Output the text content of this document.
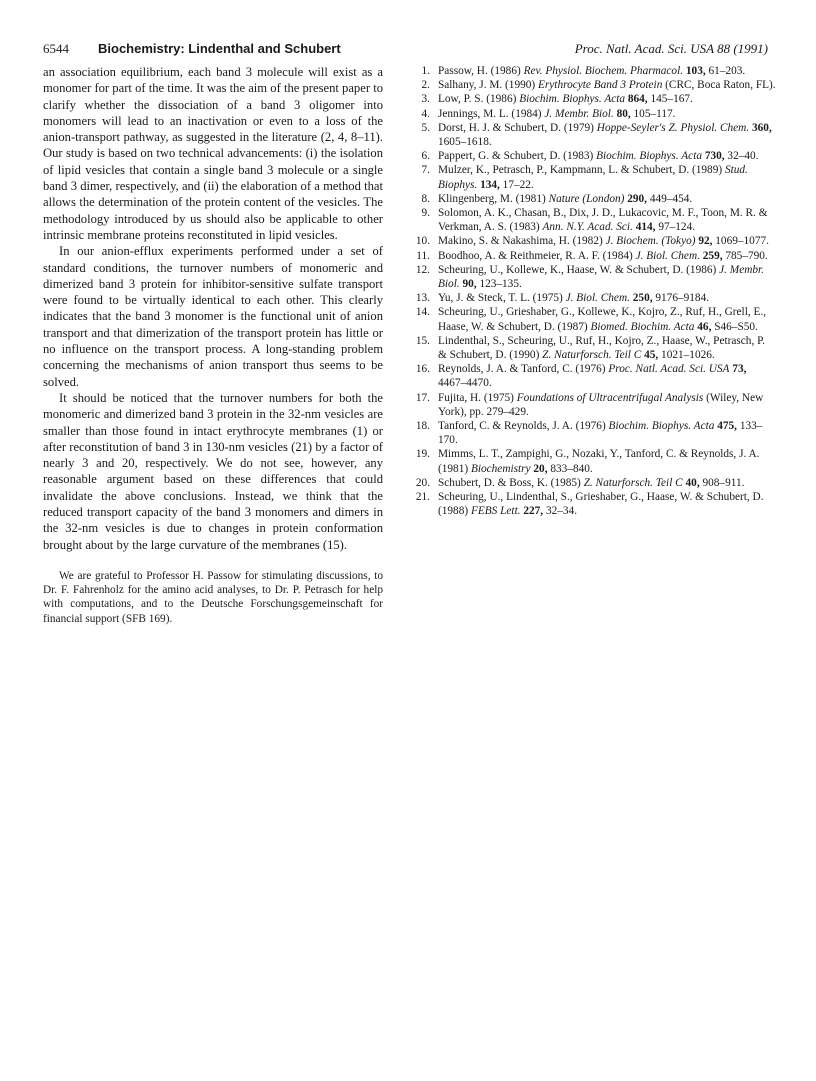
6544 Biochemistry: Lindenthal and Schubert	Proc. Natl. Acad. Sci. USA 88 (1991)

an association equilibrium, each band 3 molecule will exist as a monomer for part of the time. It was the aim of the present paper to clarify whether the dissociation of a band 3 oligomer into monomers will lead to an inactivation or even to a loss of the anion-transport pathway, as suggested in the literature (2, 4, 8–11). Our study is based on two technical advancements: (i) the isolation of lipid vesicles that contain a single band 3 molecule or a single band 3 dimer, respectively, and (ii) the elaboration of a method that allows the determination of the protein content of the vesicles. The methodology introduced by us should also be applicable to other intrinsic membrane proteins reconstituted in lipid vesicles.

In our anion-efflux experiments performed under a set of standard conditions, the turnover numbers of monomeric and dimerized band 3 protein for inhibitor-sensitive sulfate transport were found to be virtually identical to each other. This clearly indicates that the band 3 monomer is the functional unit of anion transport and that dimerization of the transport protein has little or no influence on the transport process. A long-standing problem concerning the mechanisms of anion transport thus seems to be solved.

It should be noticed that the turnover numbers for both the monomeric and dimerized band 3 protein in the 32-nm vesicles are smaller than those found in intact erythrocyte membranes (1) or after reconstitution of band 3 in 130-nm vesicles (21) by a factor of nearly 3 and 20, respectively. We do not see, however, any reasonable argument based on these differences that could invalidate the above conclusions. Instead, we think that the reduced transport capacity of the band 3 monomers and dimers in the 32-nm vesicles is due to changes in protein conformation brought about by the large curvature of the membranes (15).

We are grateful to Professor H. Passow for stimulating discussions, to Dr. F. Fahrenholz for the amino acid analyses, to Dr. P. Petrasch for help with computations, and to the Deutsche Forschungsgemeinschaft for financial support (SFB 169).

1. Passow, H. (1986) Rev. Physiol. Biochem. Pharmacol. 103, 61–203.
2. Salhany, J. M. (1990) Erythrocyte Band 3 Protein (CRC, Boca Raton, FL).
3. Low, P. S. (1986) Biochim. Biophys. Acta 864, 145–167.
4. Jennings, M. L. (1984) J. Membr. Biol. 80, 105–117.
5. Dorst, H. J. & Schubert, D. (1979) Hoppe-Seyler's Z. Physiol. Chem. 360, 1605–1618.
6. Pappert, G. & Schubert, D. (1983) Biochim. Biophys. Acta 730, 32–40.
7. Mulzer, K., Petrasch, P., Kampmann, L. & Schubert, D. (1989) Stud. Biophys. 134, 17–22.
8. Klingenberg, M. (1981) Nature (London) 290, 449–454.
9. Solomon, A. K., Chasan, B., Dix, J. D., Lukacovic, M. F., Toon, M. R. & Verkman, A. S. (1983) Ann. N.Y. Acad. Sci. 414, 97–124.
10. Makino, S. & Nakashima, H. (1982) J. Biochem. (Tokyo) 92, 1069–1077.
11. Boodhoo, A. & Reithmeier, R. A. F. (1984) J. Biol. Chem. 259, 785–790.
12. Scheuring, U., Kollewe, K., Haase, W. & Schubert, D. (1986) J. Membr. Biol. 90, 123–135.
13. Yu, J. & Steck, T. L. (1975) J. Biol. Chem. 250, 9176–9184.
14. Scheuring, U., Grieshaber, G., Kollewe, K., Kojro, Z., Ruf, H., Grell, E., Haase, W. & Schubert, D. (1987) Biomed. Biochim. Acta 46, S46–S50.
15. Lindenthal, S., Scheuring, U., Ruf, H., Kojro, Z., Haase, W., Petrasch, P. & Schubert, D. (1990) Z. Naturforsch. Teil C 45, 1021–1026.
16. Reynolds, J. A. & Tanford, C. (1976) Proc. Natl. Acad. Sci. USA 73, 4467–4470.
17. Fujita, H. (1975) Foundations of Ultracentrifugal Analysis (Wiley, New York), pp. 279–429.
18. Tanford, C. & Reynolds, J. A. (1976) Biochim. Biophys. Acta 475, 133–170.
19. Mimms, L. T., Zampighi, G., Nozaki, Y., Tanford, C. & Reynolds, J. A. (1981) Biochemistry 20, 833–840.
20. Schubert, D. & Boss, K. (1985) Z. Naturforsch. Teil C 40, 908–911.
21. Scheuring, U., Lindenthal, S., Grieshaber, G., Haase, W. & Schubert, D. (1988) FEBS Lett. 227, 32–34.
